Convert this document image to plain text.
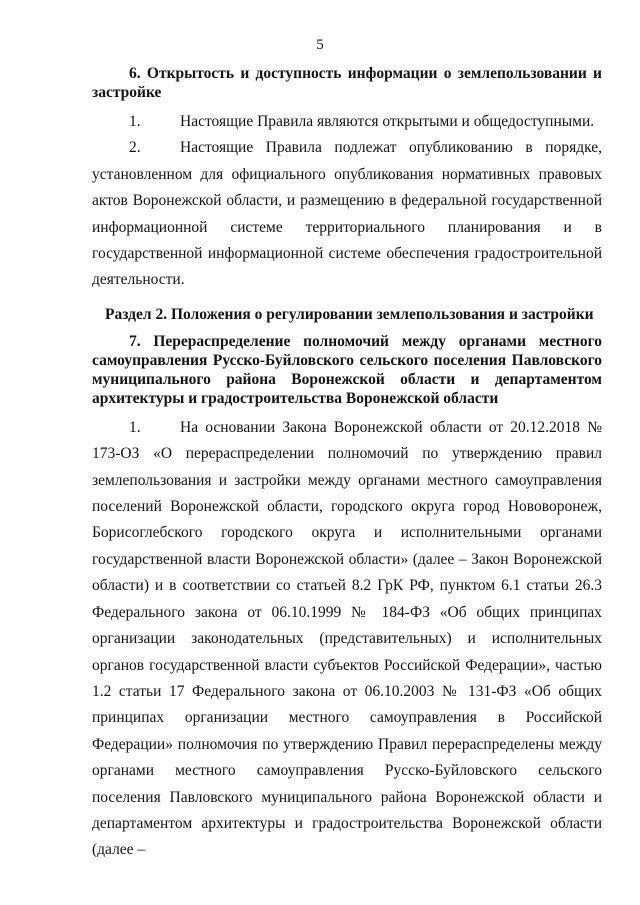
5

6. Открытость и доступность информации о землепользовании и застройке

1.	Настоящие Правила являются открытыми и общедоступными.

2.	Настоящие Правила подлежат опубликованию в порядке, установленном для официального опубликования нормативных правовых актов Воронежской области, и размещению в федеральной государственной информационной системе территориального планирования и в государственной информационной системе обеспечения градостроительной деятельности.

Раздел 2. Положения о регулировании землепользования и застройки

7. Перераспределение полномочий между органами местного самоуправления Русско-Буйловского сельского поселения Павловского муниципального района Воронежской области и департаментом архитектуры и градостроительства Воронежской области

1.	На основании Закона Воронежской области от 20.12.2018 № 173-ОЗ «О перераспределении полномочий по утверждению правил землепользования и застройки между органами местного самоуправления поселений Воронежской области, городского округа город Нововоронеж, Борисоглебского городского округа и исполнительными органами государственной власти Воронежской области» (далее – Закон Воронежской области) и в соответствии со статьей 8.2 ГрК РФ, пунктом 6.1 статьи 26.3 Федерального закона от 06.10.1999 № 184-ФЗ «Об общих принципах организации законодательных (представительных) и исполнительных органов государственной власти субъектов Российской Федерации», частью 1.2 статьи 17 Федерального закона от 06.10.2003 № 131-ФЗ «Об общих принципах организации местного самоуправления в Российской Федерации» полномочия по утверждению Правил перераспределены между органами местного самоуправления Русско-Буйловского сельского поселения Павловского муниципального района Воронежской области и департаментом архитектуры и градостроительства Воронежской области (далее –
